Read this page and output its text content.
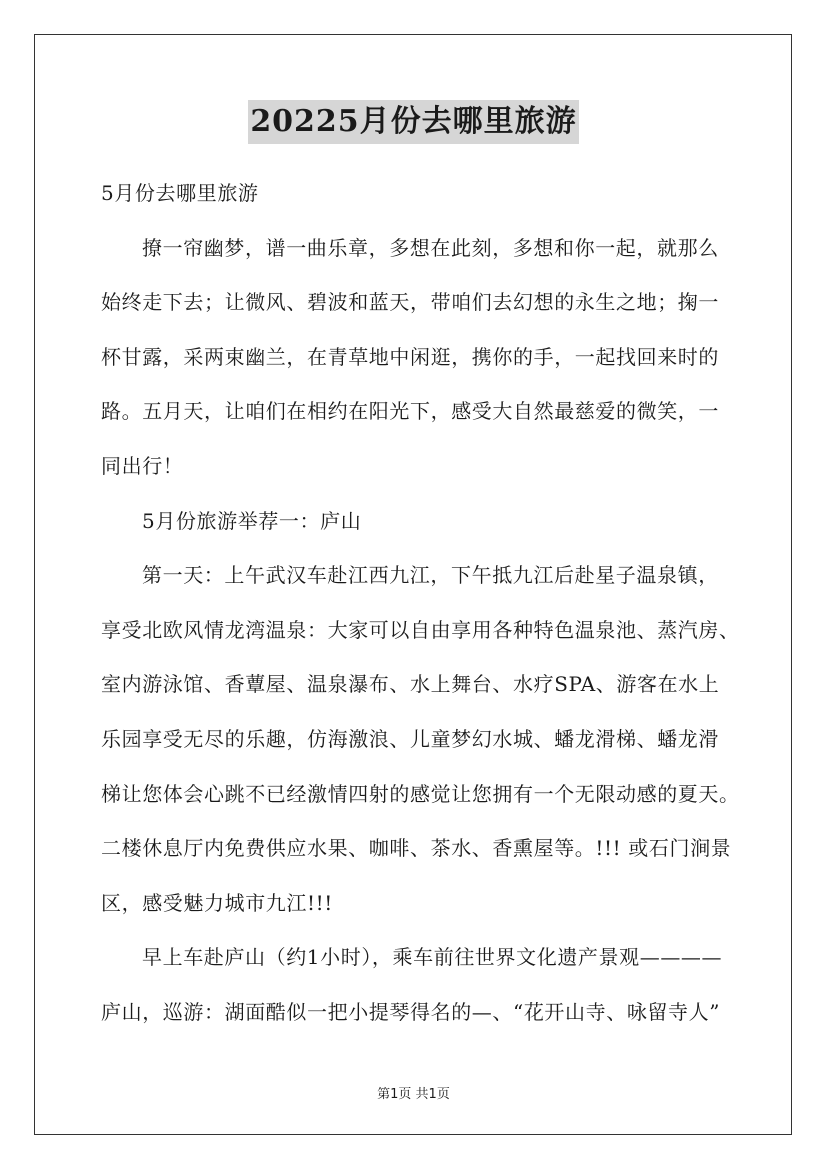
20225月份去哪里旅游
5月份去哪里旅游
撩一帘幽梦，谱一曲乐章，多想在此刻，多想和你一起，就那么
始终走下去；让微风、碧波和蓝天，带咱们去幻想的永生之地；掬一
杯甘露，采两束幽兰，在青草地中闲逛，携你的手，一起找回来时的
路。五月天，让咱们在相约在阳光下，感受大自然最慈爱的微笑，一
同出行！
5月份旅游举荐一：庐山
第一天：上午武汉车赴江西九江，下午抵九江后赴星子温泉镇，
享受北欧风情龙湾温泉：大家可以自由享用各种特色温泉池、蒸汽房、
室内游泳馆、香蕈屋、温泉瀑布、水上舞台、水疗SPA、游客在水上
乐园享受无尽的乐趣，仿海激浪、儿童梦幻水城、蟠龙滑梯、蟠龙滑
梯让您体会心跳不已经激情四射的感觉让您拥有一个无限动感的夏天。
二楼休息厅内免费供应水果、咖啡、茶水、香熏屋等。!!! 或石门涧景
区，感受魅力城市九江!!!
早上车赴庐山（约1小时），乘车前往世界文化遗产景观————
庐山，巡游：湖面酷似一把小提琴得名的—、“花开山寺、咏留寺人”
第1页 共1页
